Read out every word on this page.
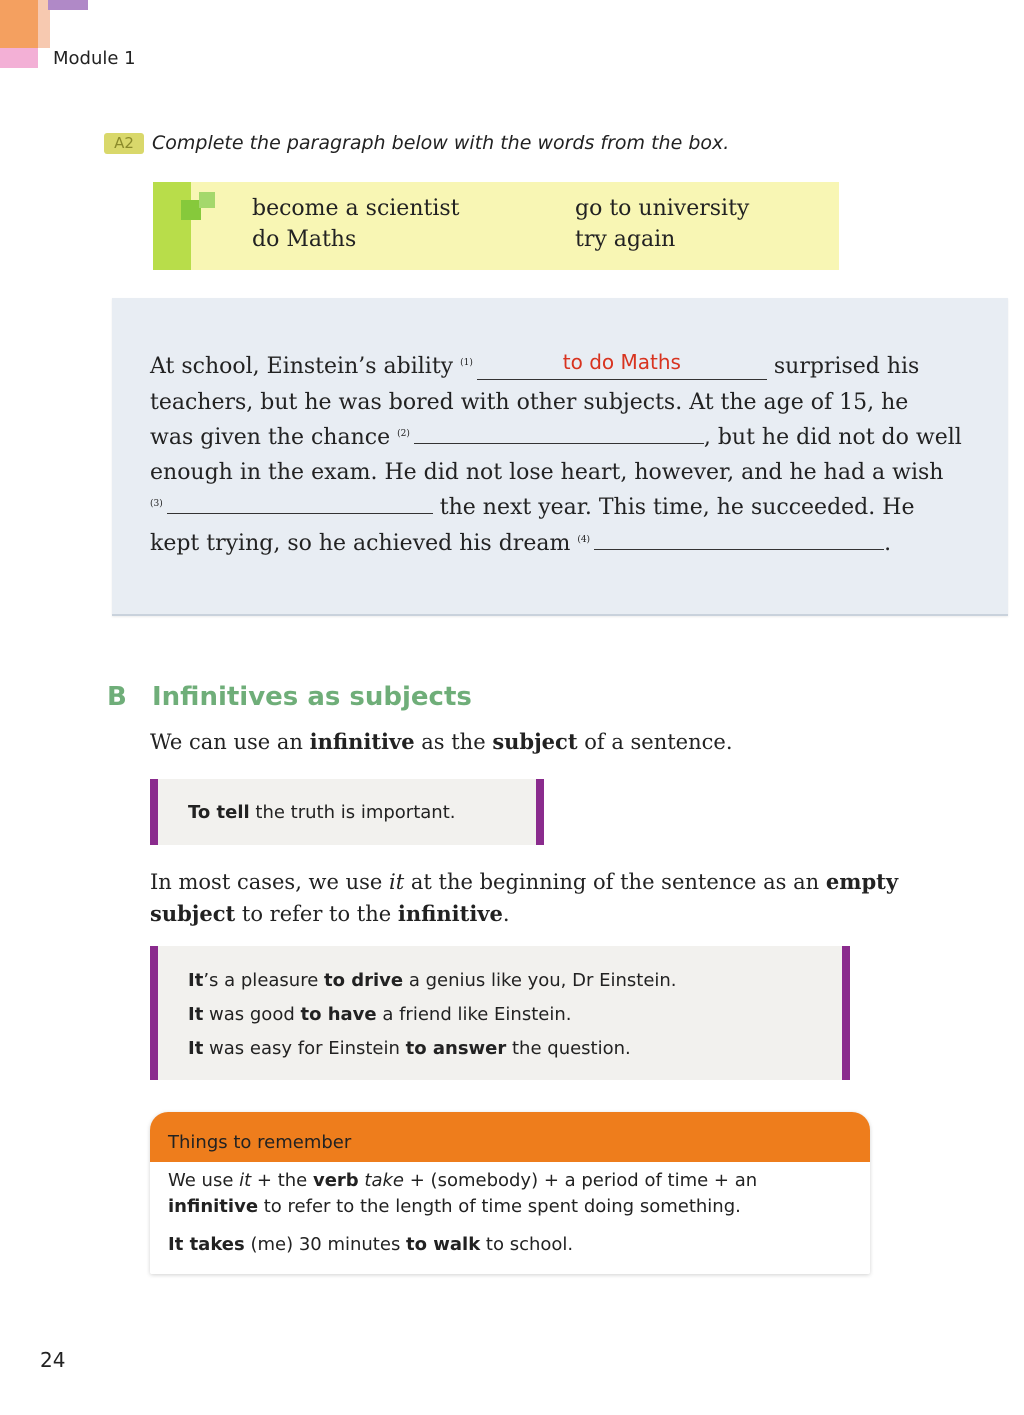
Module 1
A2 Complete the paragraph below with the words from the box.
become a scientist	go to university
do Maths	try again
At school, Einstein’s ability $^{(1)}$	to do Maths	surprised his
teachers, but he was bored with other subjects. At the age of 15, he
was given the chance $^{(2)}$	, but he did not do well
enough in the exam. He did not lose heart, however, and he had a wish
$^{(3)}$	the next year. This time, he succeeded. He
kept trying, so he achieved his dream $^{(4)}$	.
B Infinitives as subjects
We can use an infinitive as the subject of a sentence.
To tell the truth is important.
In most cases, we use it at the beginning of the sentence as an empty
subject to refer to the infinitive.
It’s a pleasure to drive a genius like you, Dr Einstein.
It was good to have a friend like Einstein.
It was easy for Einstein to answer the question.
Things to remember
We use it + the verb take + (somebody) + a period of time + an
infinitive to refer to the length of time spent doing something.
It takes (me) 30 minutes to walk to school.
24
